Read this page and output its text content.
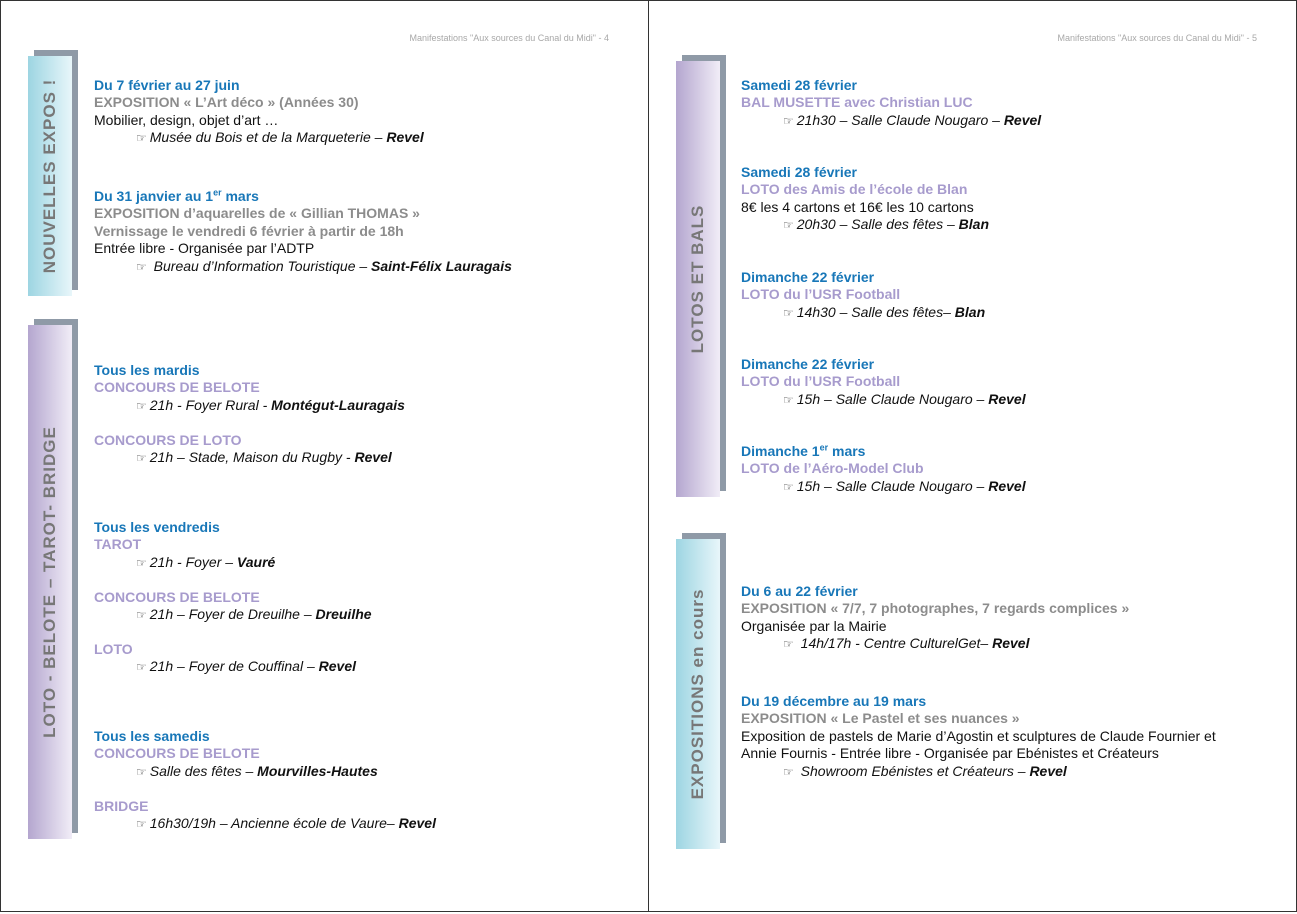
Manifestations "Aux sources du Canal du Midi" - 4
NOUVELLES EXPOS !
LOTO - BELOTE – TAROT- BRIDGE
Du 7 février au 27 juin
EXPOSITION « L’Art déco » (Années 30)
Mobilier, design, objet d’art …
☞ Musée du Bois et de la Marqueterie – Revel
Du 31 janvier au 1er mars
EXPOSITION d’aquarelles de « Gillian THOMAS »
Vernissage le vendredi 6 février à partir de 18h
Entrée libre - Organisée par l’ADTP
☞ Bureau d’Information Touristique – Saint-Félix Lauragais
Tous les mardis
CONCOURS DE BELOTE
☞ 21h - Foyer Rural - Montégut-Lauragais
CONCOURS DE LOTO
☞ 21h – Stade, Maison du Rugby - Revel
Tous les vendredis
TAROT
☞ 21h - Foyer – Vauré
CONCOURS DE BELOTE
☞ 21h – Foyer de Dreuilhe – Dreuilhe
LOTO
☞ 21h – Foyer de Couffinal – Revel
Tous les samedis
CONCOURS DE BELOTE
☞ Salle des fêtes – Mourvilles-Hautes
BRIDGE
☞ 16h30/19h – Ancienne école de Vaure– Revel
Manifestations "Aux sources du Canal du Midi" - 5
LOTOS ET BALS
EXPOSITIONS en cours
Samedi 28 février
BAL MUSETTE avec Christian LUC
☞ 21h30 – Salle Claude Nougaro – Revel
Samedi 28 février
LOTO des Amis de l’école de Blan
8€ les 4 cartons et 16€ les 10 cartons
☞ 20h30 – Salle des fêtes – Blan
Dimanche 22 février
LOTO du l’USR Football
☞ 14h30 – Salle des fêtes– Blan
Dimanche 22 février
LOTO du l’USR Football
☞ 15h – Salle Claude Nougaro – Revel
Dimanche 1er mars
LOTO de l’Aéro-Model Club
☞ 15h – Salle Claude Nougaro – Revel
Du 6 au 22 février
EXPOSITION « 7/7, 7 photographes, 7 regards complices »
Organisée par la Mairie
☞ 14h/17h - Centre CulturelGet– Revel
Du 19 décembre au 19 mars
EXPOSITION « Le Pastel et ses nuances »
Exposition de pastels de Marie d’Agostin et sculptures de Claude Fournier et
Annie Fournis - Entrée libre - Organisée par Ebénistes et Créateurs
☞ Showroom Ebénistes et Créateurs – Revel
